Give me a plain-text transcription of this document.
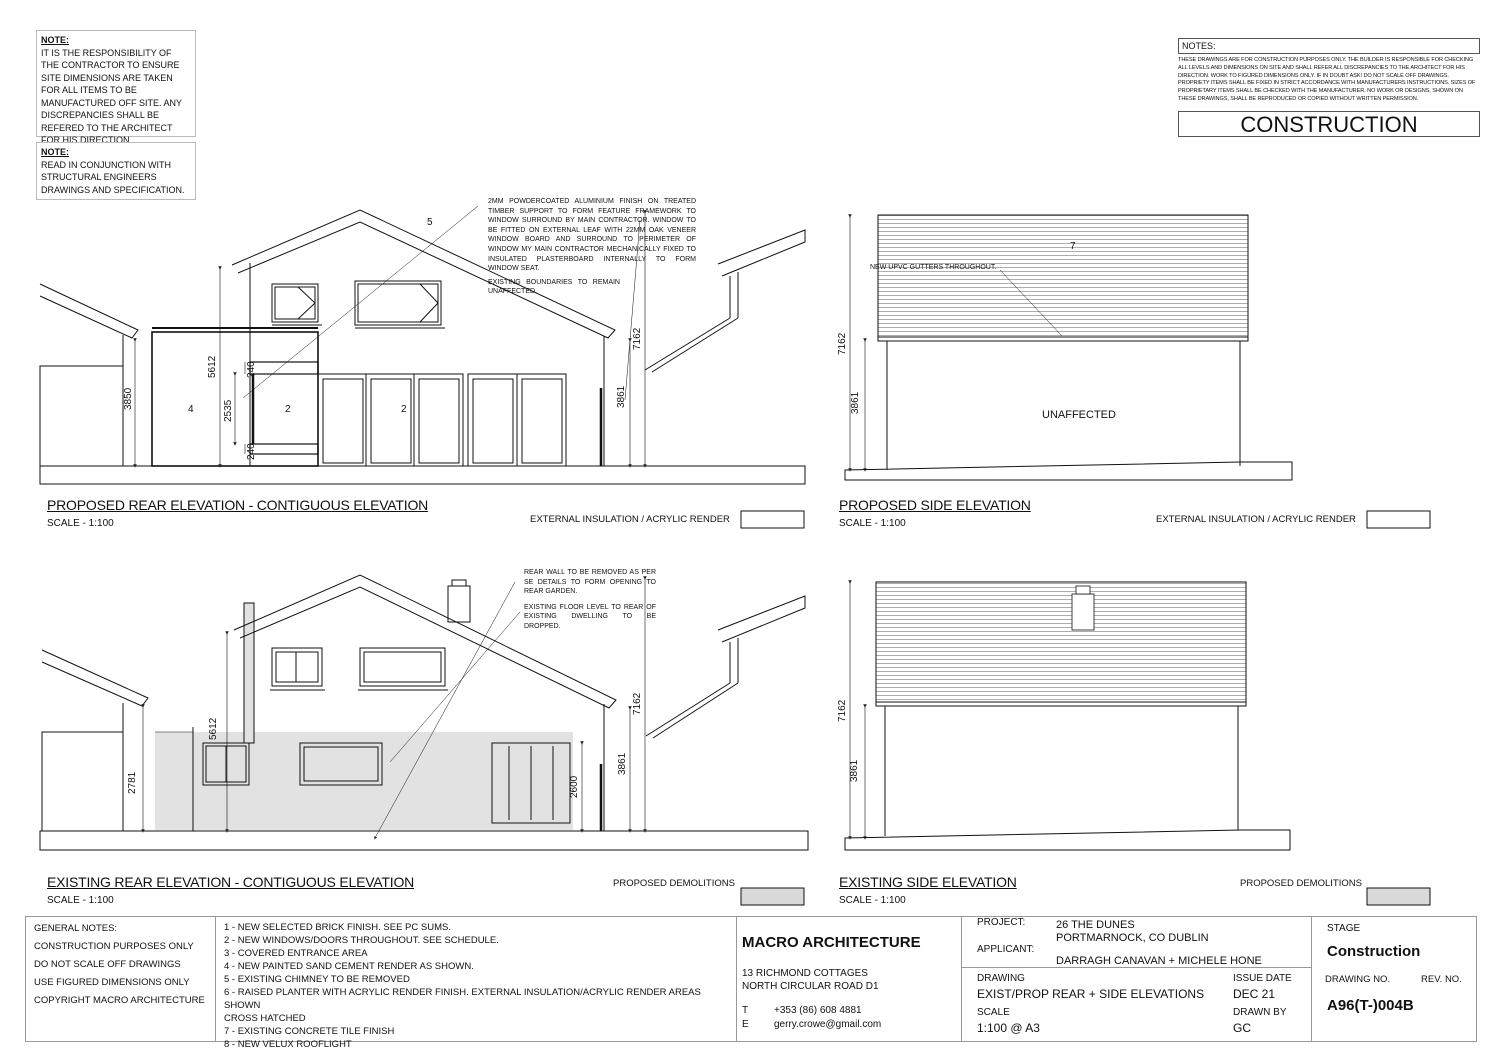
NOTE:
IT IS THE RESPONSIBILITY OF THE CONTRACTOR TO ENSURE SITE DIMENSIONS ARE TAKEN FOR ALL ITEMS TO BE MANUFACTURED OFF SITE. ANY DISCREPANCIES SHALL BE REFERED TO THE ARCHITECT FOR HIS DIRECTION.
NOTE:
READ IN CONJUNCTION WITH STRUCTURAL ENGINEERS DRAWINGS AND SPECIFICATION.
NOTES:
THESE DRAWINGS ARE FOR CONSTRUCTION PURPOSES ONLY. THE BUILDER IS RESPONSIBLE FOR CHECKING ALL LEVELS AND DIMENSIONS ON SITE AND SHALL REFER ALL DISCREPANCIES TO THE ARCHITECT FOR HIS DIRECTION. WORK TO FIGURED DIMENSIONS ONLY. IF IN DOUBT ASK! DO NOT SCALE OFF DRAWINGS. PROPRIETY ITEMS SHALL BE FIXED IN STRICT ACCORDANCE WITH MANUFACTURERS INSTRUCTIONS. SIZES OF PROPRIETARY ITEMS SHALL BE CHECKED WITH THE MANUFACTURER. NO WORK OR DESIGNS, SHOWN ON THESE DRAWINGS, SHALL BE REPRODUCED OR COPIED WITHOUT WRITTEN PERMISSION.
CONSTRUCTION
3850
5612
2535
240
240
7162
3861
5
4	2	2
7162
3861
7
NEW UPVC GUTTERS THROUGHOUT.
UNAFFECTED
5612
2781	2600
7162
3861
7162
3861
2MM POWDERCOATED ALUMINIUM FINISH ON TREATED TIMBER SUPPORT TO FORM FEATURE FRAMEWORK TO WINDOW SURROUND BY MAIN CONTRACTOR. WINDOW TO BE FITTED ON EXTERNAL LEAF WITH 22MM OAK VENEER WINDOW BOARD AND SURROUND TO PERIMETER OF WINDOW MY MAIN CONTRACTOR MECHANICALLY FIXED TO INSULATED PLASTERBOARD INTERNALLY TO FORM WINDOW SEAT.
EXISTING BOUNDARIES TO REMAIN UNAFFECTED.
REAR WALL TO BE REMOVED AS PER SE DETAILS TO FORM OPENING TO REAR GARDEN.
EXISTING FLOOR LEVEL TO REAR OF EXISTING DWELLING TO BE DROPPED.
PROPOSED REAR ELEVATION - CONTIGUOUS ELEVATION
SCALE - 1:100	EXTERNAL INSULATION / ACRYLIC RENDER
PROPOSED SIDE ELEVATION
SCALE - 1:100	EXTERNAL INSULATION / ACRYLIC RENDER
EXISTING REAR ELEVATION - CONTIGUOUS ELEVATION
SCALE - 1:100
PROPOSED DEMOLITIONS	EXISTING SIDE ELEVATION
SCALE - 1:100
PROPOSED DEMOLITIONS
GENERAL NOTES:
CONSTRUCTION PURPOSES ONLY
DO NOT SCALE OFF DRAWINGS
USE FIGURED DIMENSIONS ONLY
COPYRIGHT MACRO ARCHITECTURE
1 - NEW SELECTED BRICK FINISH. SEE PC SUMS.
2 - NEW WINDOWS/DOORS THROUGHOUT. SEE SCHEDULE.
3 - COVERED ENTRANCE AREA
4 - NEW PAINTED SAND CEMENT RENDER AS SHOWN.
5 - EXISTING CHIMNEY TO BE REMOVED
6 - RAISED PLANTER WITH ACRYLIC RENDER FINISH. EXTERNAL INSULATION/ACRYLIC RENDER AREAS SHOWN
CROSS HATCHED
7 - EXISTING CONCRETE TILE FINISH
8 - NEW VELUX ROOFLIGHT
MACRO ARCHITECTURE
13 RICHMOND COTTAGES
NORTH CIRCULAR ROAD D1
T	+353 (86) 608 4881
E	gerry.crowe@gmail.com
PROJECT:	26 THE DUNES
PORTMARNOCK, CO DUBLIN
APPLICANT:
DARRAGH CANAVAN + MICHELE HONE
DRAWING
EXIST/PROP REAR + SIDE ELEVATIONS
SCALE
1:100 @ A3
ISSUE DATE
DEC 21
DRAWN BY
GC
STAGE
Construction
DRAWING NO.	REV. NO.
A96(T-)004B
